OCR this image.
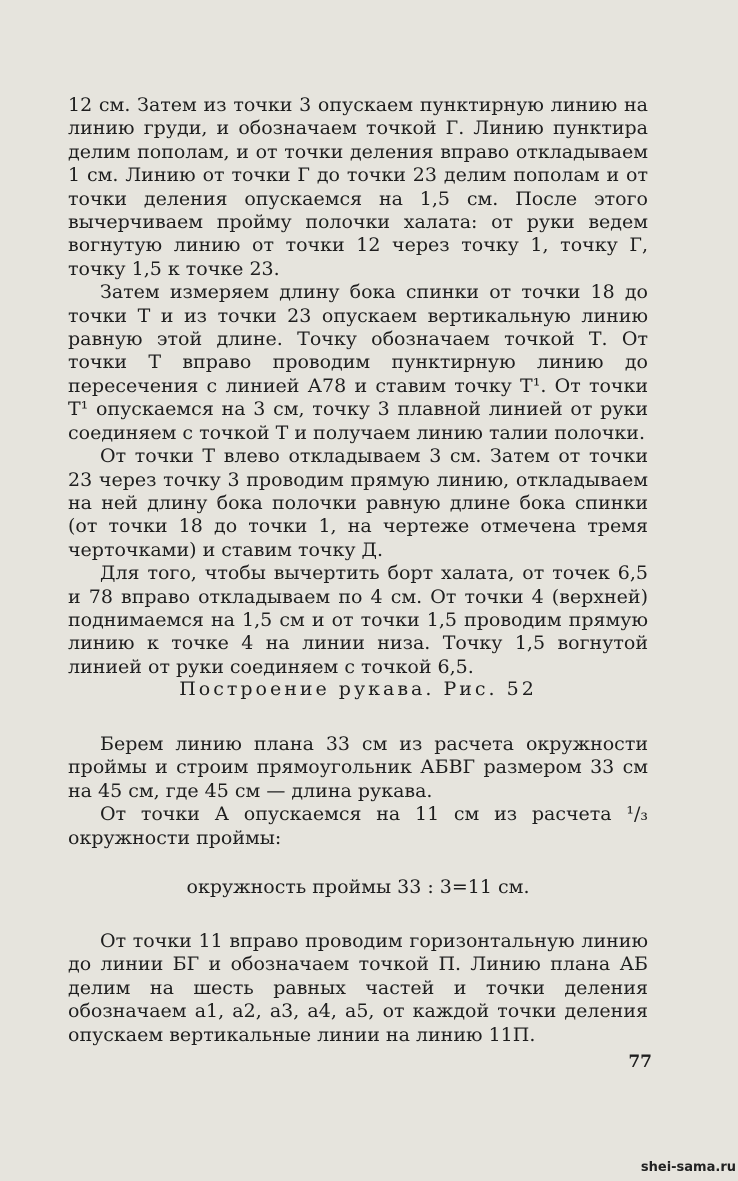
12 см. Затем из точки 3 опускаем пунктирную линию на линию груди, и обозначаем точкой Г. Линию пунктира делим пополам, и от точки деления вправо откладываем 1 см. Линию от точки Г до точки 23 делим пополам и от точки деления опускаемся на 1,5 см. После этого вычерчиваем пройму полочки халата: от руки ведем вогнутую линию от точки 12 через точку 1, точку Г, точку 1,5 к точке 23.

Затем измеряем длину бока спинки от точки 18 до точки Т и из точки 23 опускаем вертикальную линию равную этой длине. Точку обозначаем точкой Т. От точки Т вправо проводим пунктирную линию до пересечения с линией А78 и ставим точку Т¹. От точки Т¹ опускаемся на 3 см, точку 3 плавной линией от руки соединяем с точкой Т и получаем линию талии полочки.

От точки Т влево откладываем 3 см. Затем от точки 23 через точку 3 проводим прямую линию, откладываем на ней длину бока полочки равную длине бока спинки (от точки 18 до точки 1, на чертеже отмечена тремя черточками) и ставим точку Д.

Для того, чтобы вычертить борт халата, от точек 6,5 и 78 вправо откладываем по 4 см. От точки 4 (верхней) поднимаемся на 1,5 см и от точки 1,5 проводим прямую линию к точке 4 на линии низа. Точку 1,5 вогнутой линией от руки соединяем с точкой 6,5.

Построение рукава. Рис. 52

Берем линию плана 33 см из расчета окружности проймы и строим прямоугольник АБВГ размером 33 см на 45 см, где 45 см — длина рукава.

От точки А опускаемся на 11 см из расчета ¹/₃ окружности проймы:

окружность проймы 33 : 3=11 см.

От точки 11 вправо проводим горизонтальную линию до линии БГ и обозначаем точкой П. Линию плана АБ делим на шесть равных частей и точки деления обозначаем а1, а2, а3, а4, а5, от каждой точки деления опускаем вертикальные линии на линию 11П.

77
shei-sama.ru
